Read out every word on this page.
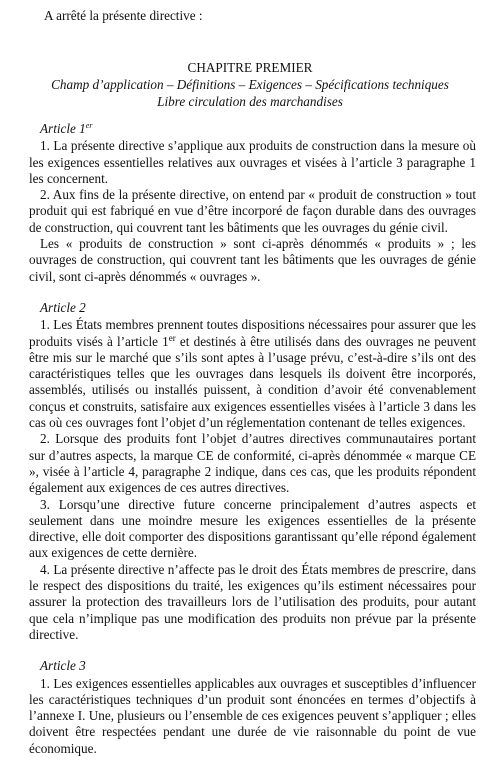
A arrêté la présente directive :
CHAPITRE PREMIER
Champ d’application – Définitions – Exigences – Spécifications techniques
Libre circulation des marchandises
Article 1er

1. La présente directive s’applique aux produits de construction dans la mesure où les exigences essentielles relatives aux ouvrages et visées à l’article 3 paragraphe 1 les concernent.

2. Aux fins de la présente directive, on entend par « produit de construction » tout produit qui est fabriqué en vue d’être incorporé de façon durable dans des ouvrages de construction, qui couvrent tant les bâtiments que les ouvrages du génie civil.

Les « produits de construction » sont ci-après dénommés « produits » ; les ouvrages de construction, qui couvrent tant les bâtiments que les ouvrages de génie civil, sont ci-après dénommés « ouvrages ».

Article 2

1. Les États membres prennent toutes dispositions nécessaires pour assurer que les produits visés à l’article 1er et destinés à être utilisés dans des ouvrages ne peuvent être mis sur le marché que s’ils sont aptes à l’usage prévu, c’est-à-dire s’ils ont des caractéristiques telles que les ouvrages dans lesquels ils doivent être incorporés, assemblés, utilisés ou installés puissent, à condition d’avoir été convenablement conçus et construits, satisfaire aux exigences essentielles visées à l’article 3 dans les cas où ces ouvrages font l’objet d’un réglementation contenant de telles exigences.

2. Lorsque des produits font l’objet d’autres directives communautaires portant sur d’autres aspects, la marque CE de conformité, ci-après dénommée « marque CE », visée à l’article 4, paragraphe 2 indique, dans ces cas, que les produits répondent également aux exigences de ces autres directives.

3. Lorsqu’une directive future concerne principalement d’autres aspects et seulement dans une moindre mesure les exigences essentielles de la présente directive, elle doit comporter des dispositions garantissant qu’elle répond également aux exigences de cette dernière.

4. La présente directive n’affecte pas le droit des États membres de prescrire, dans le respect des dispositions du traité, les exigences qu’ils estiment nécessaires pour assurer la protection des travailleurs lors de l’utilisation des produits, pour autant que cela n’implique pas une modification des produits non prévue par la présente directive.

Article 3

1. Les exigences essentielles applicables aux ouvrages et susceptibles d’influencer les caractéristiques techniques d’un produit sont énoncées en termes d’objectifs à l’annexe I. Une, plusieurs ou l’ensemble de ces exigences peuvent s’appliquer ; elles doivent être respectées pendant une durée de vie raisonnable du point de vue économique.
